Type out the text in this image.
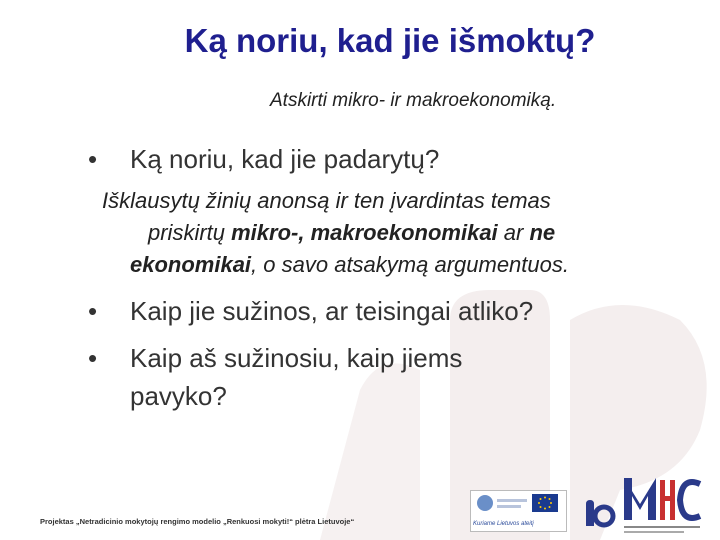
Ką noriu, kad jie išmoktų?
Atskirti mikro- ir makroekonomiką.
• Ką noriu, kad jie padarytų?
Išklausytų žinių anonsą ir ten įvardintas temas
priskirtų mikro-, makroekonomikai ar ne
ekonomikai, o savo atsakymą argumentuos.
• Kaip jie sužinos, ar teisingai atliko?
• Kaip aš sužinosiu, kaip jiems
pavyko?
Projektas „Netradicinio mokytojų rengimo modelio „Renkuosi mokyti!“ plėtra Lietuvoje“	Kuriame Lietuvos ateitį
